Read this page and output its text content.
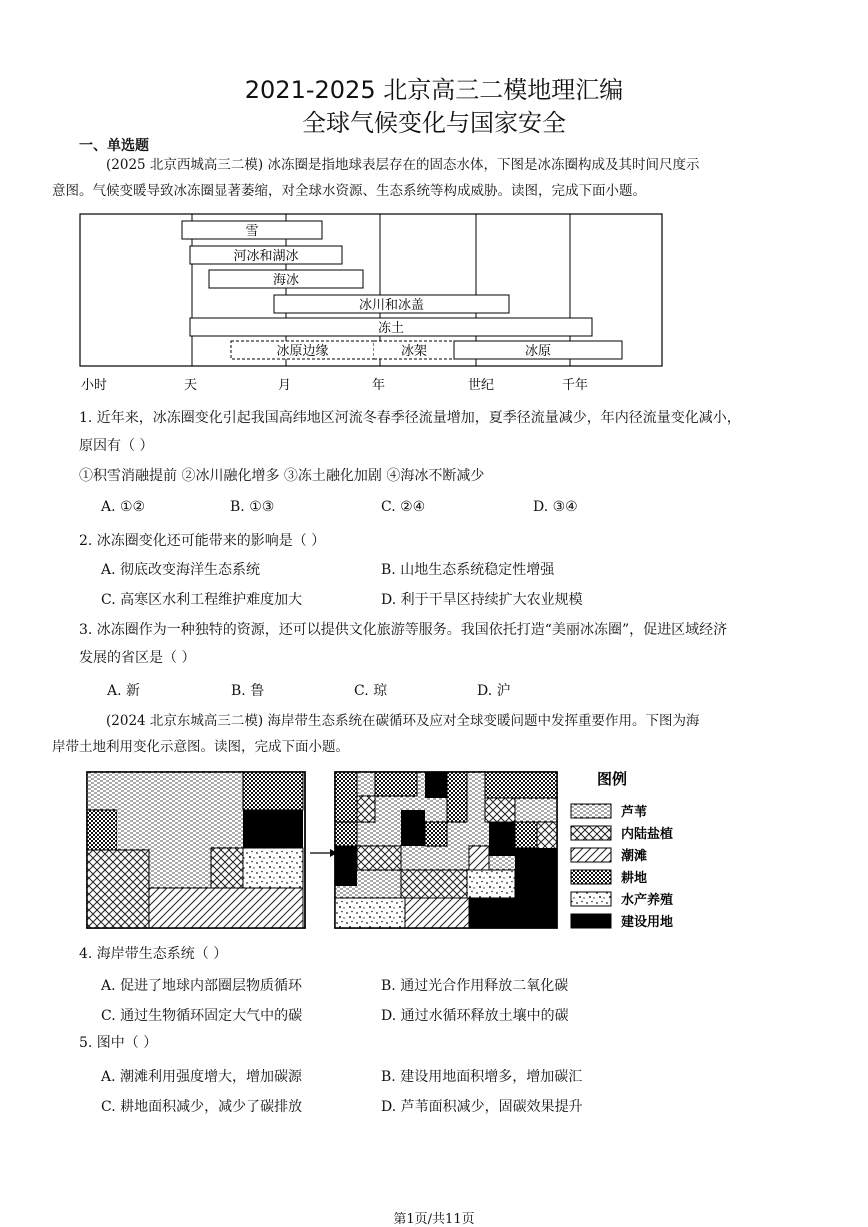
2021-2025 北京高三二模地理汇编
全球气候变化与国家安全
一、单选题
(2025 北京西城高三二模) 冰冻圈是指地球表层存在的固态水体，下图是冰冻圈构成及其时间尺度示
意图。气候变暖导致冰冻圈显著萎缩，对全球水资源、生态系统等构成威胁。读图，完成下面小题。
雪
河冰和湖冰
海冰
冰川和冰盖
冻土
冰原边缘	冰架	冰原
小时	天	月	年	世纪	千年
1. 近年来，冰冻圈变化引起我国高纬地区河流冬春季径流量增加，夏季径流量减少，年内径流量变化减小，
原因有（ ）
①积雪消融提前 ②冰川融化增多 ③冻土融化加剧 ④海冰不断减少
A. ①②	B. ①③	C. ②④	D. ③④
2. 冰冻圈变化还可能带来的影响是（ ）
A. 彻底改变海洋生态系统	B. 山地生态系统稳定性增强
C. 高寒区水利工程维护难度加大	D. 利于干旱区持续扩大农业规模
3. 冰冻圈作为一种独特的资源，还可以提供文化旅游等服务。我国依托打造“美丽冰冻圈”，促进区域经济
发展的省区是（ ）
A. 新	B. 鲁	C. 琼	D. 沪
(2024 北京东城高三二模) 海岸带生态系统在碳循环及应对全球变暖问题中发挥重要作用。下图为海
岸带土地利用变化示意图。读图，完成下面小题。
图例
芦苇
内陆盐植
潮滩
耕地
水产养殖
建设用地
4. 海岸带生态系统（ ）
A. 促进了地球内部圈层物质循环	B. 通过光合作用释放二氧化碳
C. 通过生物循环固定大气中的碳	D. 通过水循环释放土壤中的碳
5. 图中（ ）
A. 潮滩利用强度增大，增加碳源	B. 建设用地面积增多，增加碳汇
C. 耕地面积减少，减少了碳排放	D. 芦苇面积减少，固碳效果提升
第1页/共11页
